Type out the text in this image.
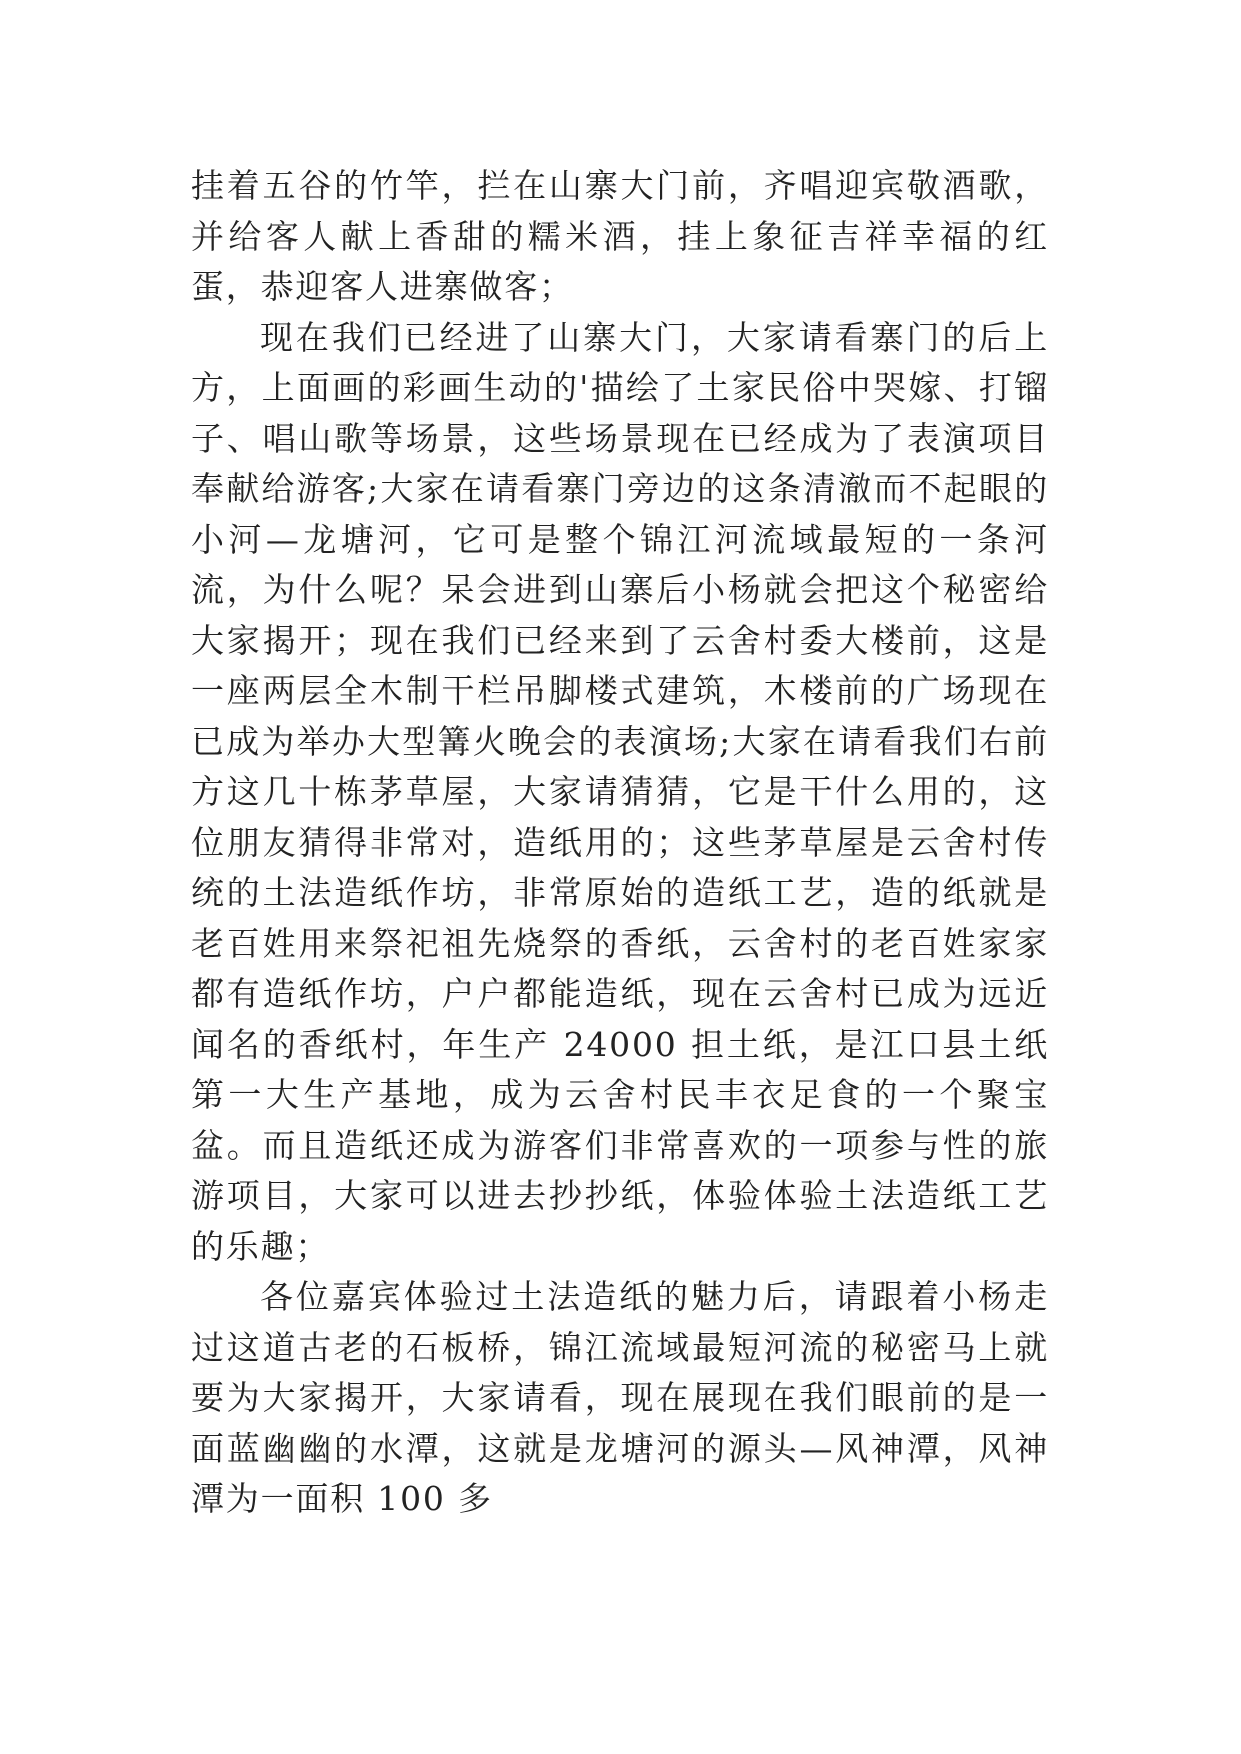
挂着五谷的竹竿，拦在山寨大门前，齐唱迎宾敬酒歌，并给客人献上香甜的糯米酒，挂上象征吉祥幸福的红蛋，恭迎客人进寨做客；

现在我们已经进了山寨大门，大家请看寨门的后上方，上面画的彩画生动的'描绘了土家民俗中哭嫁、打镏子、唱山歌等场景，这些场景现在已经成为了表演项目奉献给游客;大家在请看寨门旁边的这条清澈而不起眼的小河—龙塘河，它可是整个锦江河流域最短的一条河流，为什么呢？呆会进到山寨后小杨就会把这个秘密给大家揭开；现在我们已经来到了云舍村委大楼前，这是一座两层全木制干栏吊脚楼式建筑，木楼前的广场现在已成为举办大型篝火晚会的表演场;大家在请看我们右前方这几十栋茅草屋，大家请猜猜，它是干什么用的，这位朋友猜得非常对，造纸用的；这些茅草屋是云舍村传统的土法造纸作坊，非常原始的造纸工艺，造的纸就是老百姓用来祭祀祖先烧祭的香纸，云舍村的老百姓家家都有造纸作坊，户户都能造纸，现在云舍村已成为远近闻名的香纸村，年生产 24000 担土纸，是江口县土纸第一大生产基地，成为云舍村民丰衣足食的一个聚宝盆。而且造纸还成为游客们非常喜欢的一项参与性的旅游项目，大家可以进去抄抄纸，体验体验土法造纸工艺的乐趣；

各位嘉宾体验过土法造纸的魅力后，请跟着小杨走过这道古老的石板桥，锦江流域最短河流的秘密马上就要为大家揭开，大家请看，现在展现在我们眼前的是一面蓝幽幽的水潭，这就是龙塘河的源头—风神潭，风神潭为一面积 100 多
